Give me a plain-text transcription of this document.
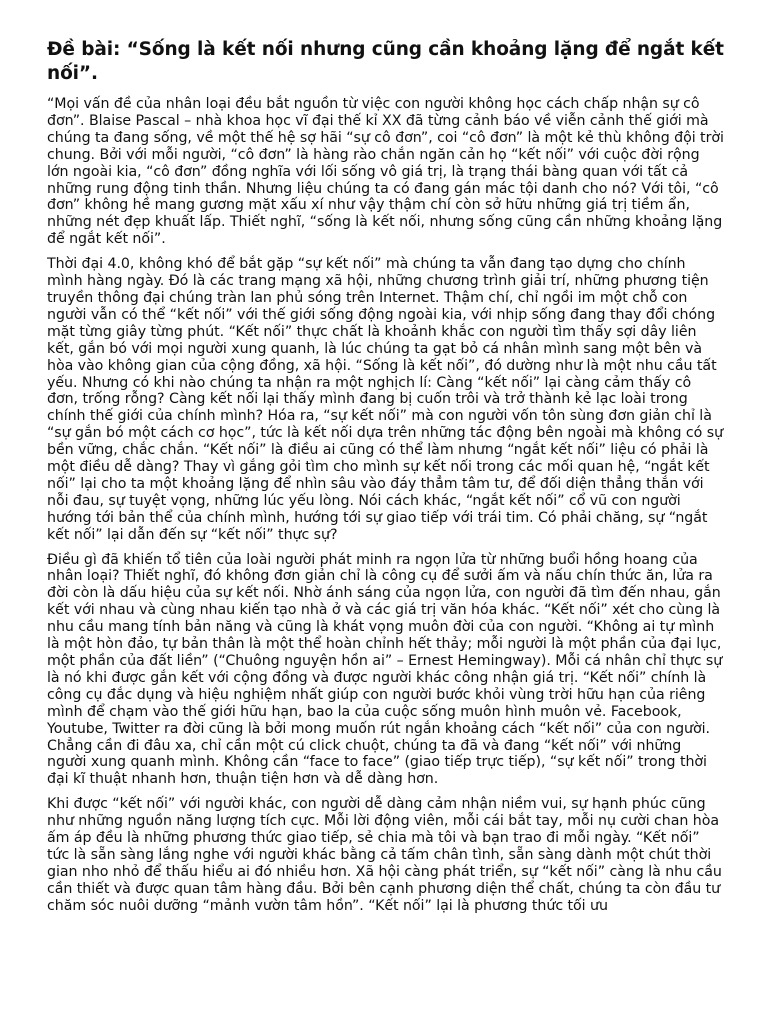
Đề bài: “Sống là kết nối nhưng cũng cần khoảng lặng để ngắt kết nối”.

“Mọi vấn đề của nhân loại đều bắt nguồn từ việc con người không học cách chấp nhận sự cô đơn”. Blaise Pascal – nhà khoa học vĩ đại thế kỉ XX đã từng cảnh báo về viễn cảnh thế giới mà chúng ta đang sống, về một thế hệ sợ hãi “sự cô đơn”, coi “cô đơn” là một kẻ thù không đội trời chung. Bởi với mỗi người, “cô đơn” là hàng rào chắn ngăn cản họ “kết nối” với cuộc đời rộng lớn ngoài kia, “cô đơn” đồng nghĩa với lối sống vô giá trị, là trạng thái bàng quan với tất cả những rung động tinh thần. Nhưng liệu chúng ta có đang gán mác tội danh cho nó? Với tôi, “cô đơn” không hề mang gương mặt xấu xí như vậy thậm chí còn sở hữu những giá trị tiềm ẩn, những nét đẹp khuất lấp. Thiết nghĩ, “sống là kết nối, nhưng sống cũng cần những khoảng lặng để ngắt kết nối”.

Thời đại 4.0, không khó để bắt gặp “sự kết nối” mà chúng ta vẫn đang tạo dựng cho chính mình hàng ngày. Đó là các trang mạng xã hội, những chương trình giải trí, những phương tiện truyền thông đại chúng tràn lan phủ sóng trên Internet. Thậm chí, chỉ ngồi im một chỗ con người vẫn có thể “kết nối” với thế giới sống động ngoài kia, với nhịp sống đang thay đổi chóng mặt từng giây từng phút. “Kết nối” thực chất là khoảnh khắc con người tìm thấy sợi dây liên kết, gắn bó với mọi người xung quanh, là lúc chúng ta gạt bỏ cá nhân mình sang một bên và hòa vào không gian của cộng đồng, xã hội. “Sống là kết nối”, đó dường như là một nhu cầu tất yếu. Nhưng có khi nào chúng ta nhận ra một nghịch lí: Càng “kết nối” lại càng cảm thấy cô đơn, trống rỗng? Càng kết nối lại thấy mình đang bị cuốn trôi và trở thành kẻ lạc loài trong chính thế giới của chính mình? Hóa ra, “sự kết nối” mà con người vốn tôn sùng đơn giản chỉ là “sự gắn bó một cách cơ học”, tức là kết nối dựa trên những tác động bên ngoài mà không có sự bền vững, chắc chắn. “Kết nối” là điều ai cũng có thể làm nhưng “ngắt kết nối” liệu có phải là một điều dễ dàng? Thay vì gắng gỏi tìm cho mình sự kết nối trong các mối quan hệ, “ngắt kết nối” lại cho ta một khoảng lặng để nhìn sâu vào đáy thẳm tâm tư, để đối diện thẳng thắn với nỗi đau, sự tuyệt vọng, những lúc yếu lòng. Nói cách khác, “ngắt kết nối” cổ vũ con người hướng tới bản thể của chính mình, hướng tới sự giao tiếp với trái tim. Có phải chăng, sự “ngắt kết nối” lại dẫn đến sự “kết nối” thực sự?

Điều gì đã khiến tổ tiên của loài người phát minh ra ngọn lửa từ những buổi hồng hoang của nhân loại? Thiết nghĩ, đó không đơn giản chỉ là công cụ để sưởi ấm và nấu chín thức ăn, lửa ra đời còn là dấu hiệu của sự kết nối. Nhờ ánh sáng của ngọn lửa, con người đã tìm đến nhau, gắn kết với nhau và cùng nhau kiến tạo nhà ở và các giá trị văn hóa khác. “Kết nối” xét cho cùng là nhu cầu mang tính bản năng và cũng là khát vọng muôn đời của con người. “Không ai tự mình là một hòn đảo, tự bản thân là một thể hoàn chỉnh hết thảy; mỗi người là một phần của đại lục, một phần của đất liền” (“Chuông nguyện hồn ai” – Ernest Hemingway). Mỗi cá nhân chỉ thực sự là nó khi được gắn kết với cộng đồng và được người khác công nhận giá trị. “Kết nối” chính là công cụ đắc dụng và hiệu nghiệm nhất giúp con người bước khỏi vùng trời hữu hạn của riêng mình để chạm vào thế giới hữu hạn, bao la của cuộc sống muôn hình muôn vẻ. Facebook, Youtube, Twitter ra đời cũng là bởi mong muốn rút ngắn khoảng cách “kết nối” của con người. Chẳng cần đi đâu xa, chỉ cần một cú click chuột, chúng ta đã và đang “kết nối” với những người xung quanh mình. Không cần “face to face” (giao tiếp trực tiếp), “sự kết nối” trong thời đại kĩ thuật nhanh hơn, thuận tiện hơn và dễ dàng hơn.

Khi được “kết nối” với người khác, con người dễ dàng cảm nhận niềm vui, sự hạnh phúc cũng như những nguồn năng lượng tích cực. Mỗi lời động viên, mỗi cái bắt tay, mỗi nụ cười chan hòa ấm áp đều là những phương thức giao tiếp, sẻ chia mà tôi và bạn trao đi mỗi ngày. “Kết nối” tức là sẵn sàng lắng nghe với người khác bằng cả tấm chân tình, sẵn sàng dành một chút thời gian nho nhỏ để thấu hiểu ai đó nhiều hơn. Xã hội càng phát triển, sự “kết nối” càng là nhu cầu cần thiết và được quan tâm hàng đầu. Bởi bên cạnh phương diện thể chất, chúng ta còn đầu tư chăm sóc nuôi dưỡng “mảnh vườn tâm hồn”. “Kết nối” lại là phương thức tối ưu
